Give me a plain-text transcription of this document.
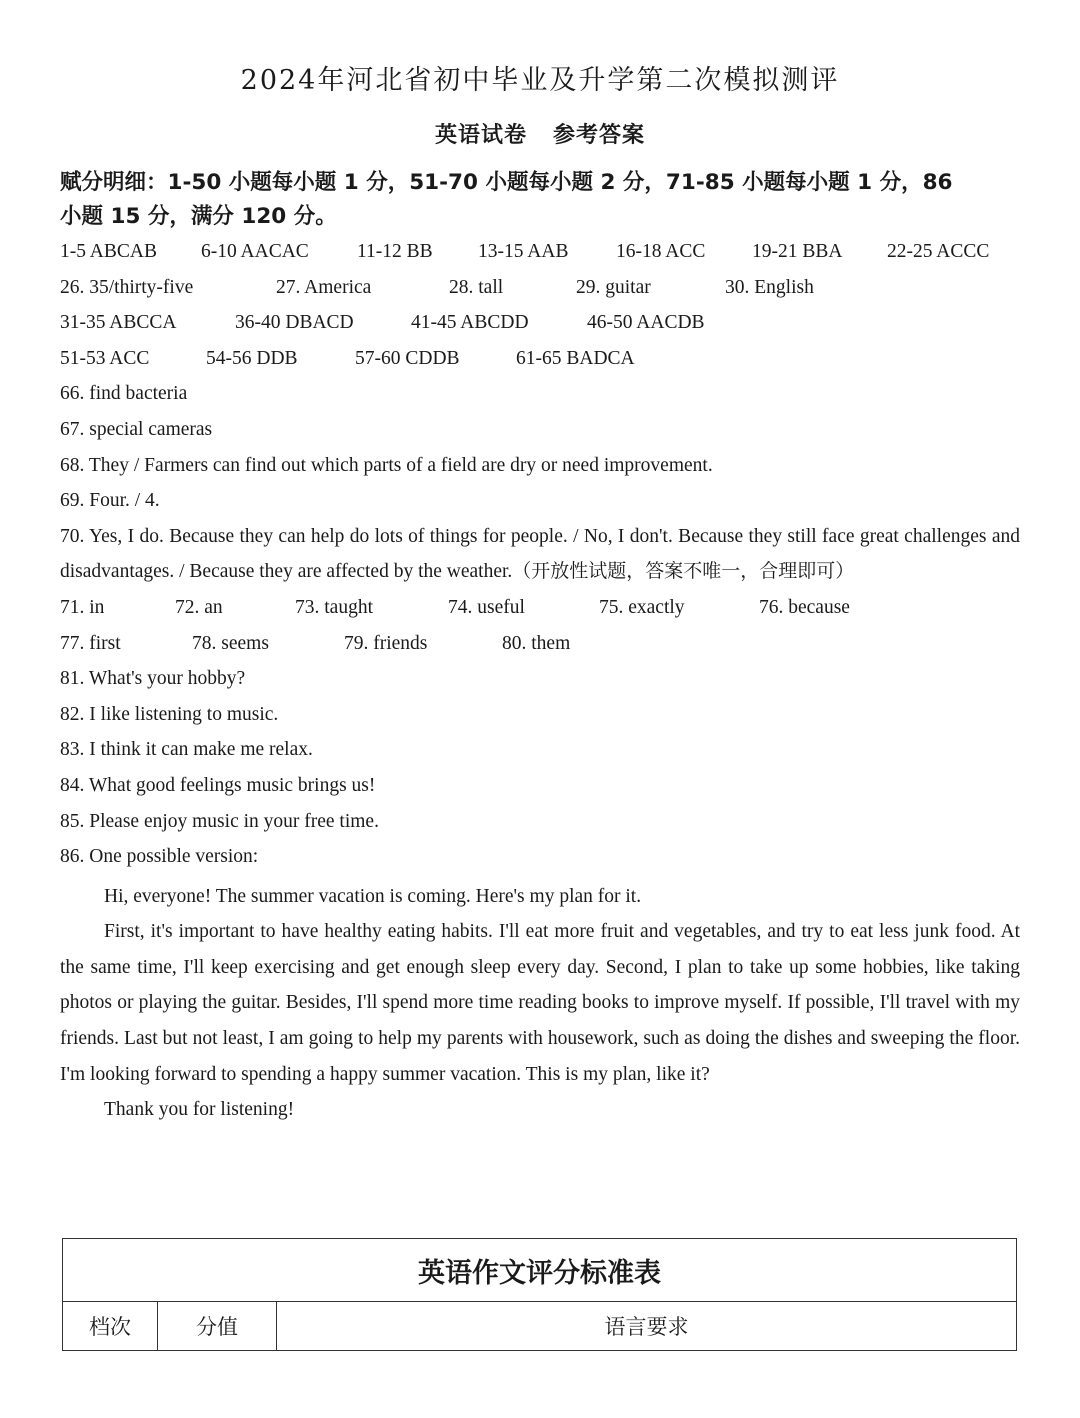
2024年河北省初中毕业及升学第二次模拟测评
英语试卷 参考答案
赋分明细：1-50 小题每小题 1 分，51-70 小题每小题 2 分，71-85 小题每小题 1 分，86
小题 15 分，满分 120 分。
1-5 ABCAB 6-10 AACAC 11-12 BB 13-15 AAB 16-18 ACC 19-21 BBA 22-25 ACCC
26. 35/thirty-five	27. America	28. tall	29. guitar	30. English
31-35 ABCCA	36-40 DBACD	41-45 ABCDD	46-50 AACDB
51-53 ACC	54-56 DDB	57-60 CDDB	61-65 BADCA
66. find bacteria
67. special cameras
68. They / Farmers can find out which parts of a field are dry or need improvement.
69. Four. / 4.
70. Yes, I do. Because they can help do lots of things for people. / No, I don't. Because they still face great challenges and disadvantages. / Because they are affected by the weather.（开放性试题，答案不唯一，合理即可）
71. in	72. an	73. taught	74. useful	75. exactly	76. because
77. first	78. seems	79. friends	80. them
81. What's your hobby?
82. I like listening to music.
83. I think it can make me relax.
84. What good feelings music brings us!
85. Please enjoy music in your free time.
86. One possible version:
Hi, everyone! The summer vacation is coming. Here's my plan for it.
First, it's important to have healthy eating habits. I'll eat more fruit and vegetables, and try to eat less junk food. At the same time, I'll keep exercising and get enough sleep every day. Second, I plan to take up some hobbies, like taking photos or playing the guitar. Besides, I'll spend more time reading books to improve myself. If possible, I'll travel with my friends. Last but not least, I am going to help my parents with housework, such as doing the dishes and sweeping the floor. I'm looking forward to spending a happy summer vacation. This is my plan, like it?
Thank you for listening!
英语作文评分标准表
档次	分值	语言要求
